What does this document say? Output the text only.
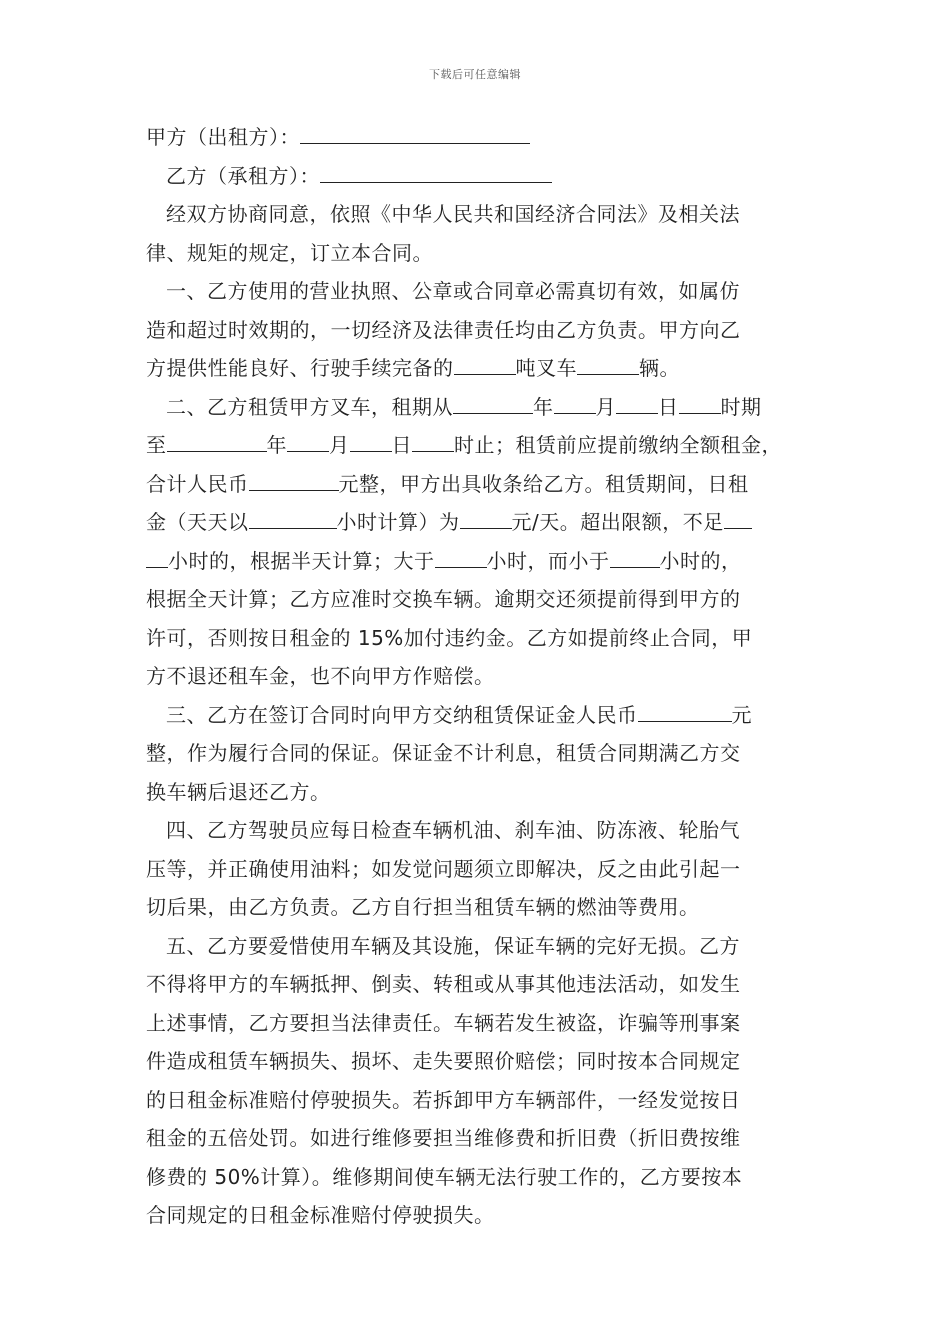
下载后可任意编辑
甲方（出租方）：
乙方（承租方）：
经双方协商同意，依照《中华人民共和国经济合同法》及相关法
律、规矩的规定，订立本合同。
一、乙方使用的营业执照、公章或合同章必需真切有效，如属仿
造和超过时效期的，一切经济及法律责任均由乙方负责。甲方向乙
方提供性能良好、行驶手续完备的	吨叉车	辆。
二、乙方租赁甲方叉车，租期从	年 月 日 时期
至	年 月 日 时止；租赁前应提前缴纳全额租金，
合计人民币	元整，甲方出具收条给乙方。租赁期间，日租
金（天天以	小时计算）为	元/天。超出限额，不足
小时的，根据半天计算；大于	小时，而小于	小时的，
根据全天计算；乙方应准时交换车辆。逾期交还须提前得到甲方的
许可，否则按日租金的 15%加付违约金。乙方如提前终止合同，甲
方不退还租车金，也不向甲方作赔偿。
三、乙方在签订合同时向甲方交纳租赁保证金人民币	元
整，作为履行合同的保证。保证金不计利息，租赁合同期满乙方交
换车辆后退还乙方。
四、乙方驾驶员应每日检查车辆机油、刹车油、防冻液、轮胎气
压等，并正确使用油料；如发觉问题须立即解决，反之由此引起一
切后果，由乙方负责。乙方自行担当租赁车辆的燃油等费用。
五、乙方要爱惜使用车辆及其设施，保证车辆的完好无损。乙方
不得将甲方的车辆抵押、倒卖、转租或从事其他违法活动，如发生
上述事情，乙方要担当法律责任。车辆若发生被盗，诈骗等刑事案
件造成租赁车辆损失、损坏、走失要照价赔偿；同时按本合同规定
的日租金标准赔付停驶损失。若拆卸甲方车辆部件，一经发觉按日
租金的五倍处罚。如进行维修要担当维修费和折旧费（折旧费按维
修费的 50%计算）。维修期间使车辆无法行驶工作的，乙方要按本
合同规定的日租金标准赔付停驶损失。
